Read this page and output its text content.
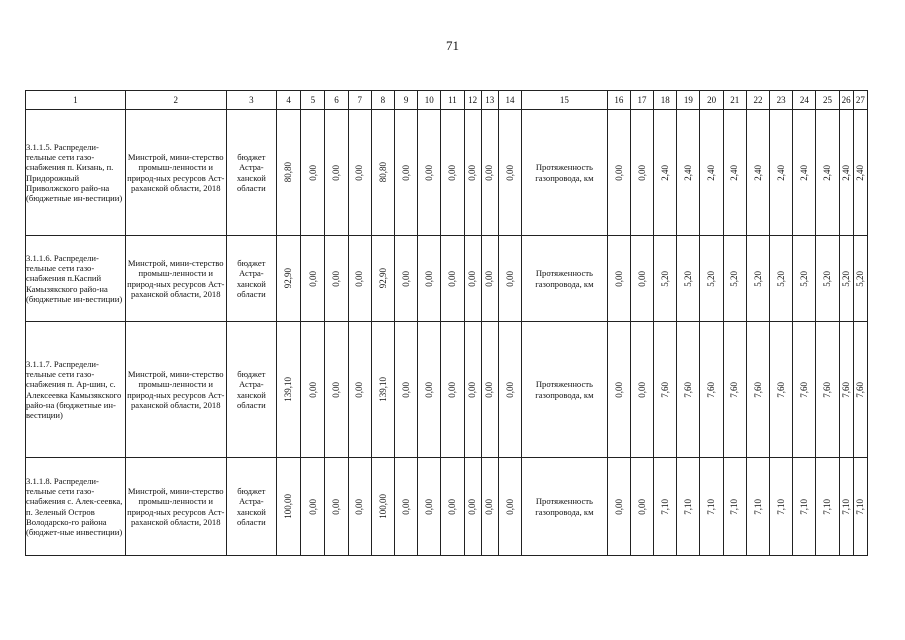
71
1	2	3	4	5	6	7	8	9	10	11	12	13	14	15	16	17	18	19	20	21	22	23	24	25	26	27
3.1.1.5. Распредели-тельные сети газо-снабжения п. Кизань, п. Придорожный Приволжского райо-на (бюджетные ин-вестиции)	Минстрой, мини-стерство промыш-ленности и природ-ных ресурсов Аст-раханской области, 2018	бюджет Астра-ханской области	80,80	0,00	0,00	0,00	80,80	0,00	0,00	0,00	0,00	0,00	0,00	Протяженность газопровода, км	0,00	0,00	2,40	2,40	2,40	2,40	2,40	2,40	2,40	2,40	2,40	2,40

3.1.1.6. Распредели-тельные сети газо-снабжения п.Каспий Камызякского райо-на (бюджетные ин-вестиции)	Минстрой, мини-стерство промыш-ленности и природ-ных ресурсов Аст-раханской области, 2018	бюджет Астра-ханской области	92,90	0,00	0,00	0,00	92,90	0,00	0,00	0,00	0,00	0,00	0,00	Протяженность газопровода, км	0,00	0,00	5,20	5,20	5,20	5,20	5,20	5,20	5,20	5,20	5,20	5,20

3.1.1.7. Распредели-тельные сети газо-снабжения п. Ар-шин, с. Алексеевка Камызякского райо-на (бюджетные ин-вестиции)	Минстрой, мини-стерство промыш-ленности и природ-ных ресурсов Аст-раханской области, 2018	бюджет Астра-ханской области	139,10	0,00	0,00	0,00	139,10	0,00	0,00	0,00	0,00	0,00	0,00	Протяженность газопровода, км	0,00	0,00	7,60	7,60	7,60	7,60	7,60	7,60	7,60	7,60	7,60	7,60

3.1.1.8. Распредели-тельные сети газо-снабжения с. Алек-сеевка, п. Зеленый Остров Володарско-го района (бюджет-ные инвестиции)	Минстрой, мини-стерство промыш-ленности и природ-ных ресурсов Аст-раханской области, 2018	бюджет Астра-ханской области	100,00	0,00	0,00	0,00	100,00	0,00	0,00	0,00	0,00	0,00	0,00	Протяженность газопровода, км	0,00	0,00	7,10	7,10	7,10	7,10	7,10	7,10	7,10	7,10	7,10	7,10
